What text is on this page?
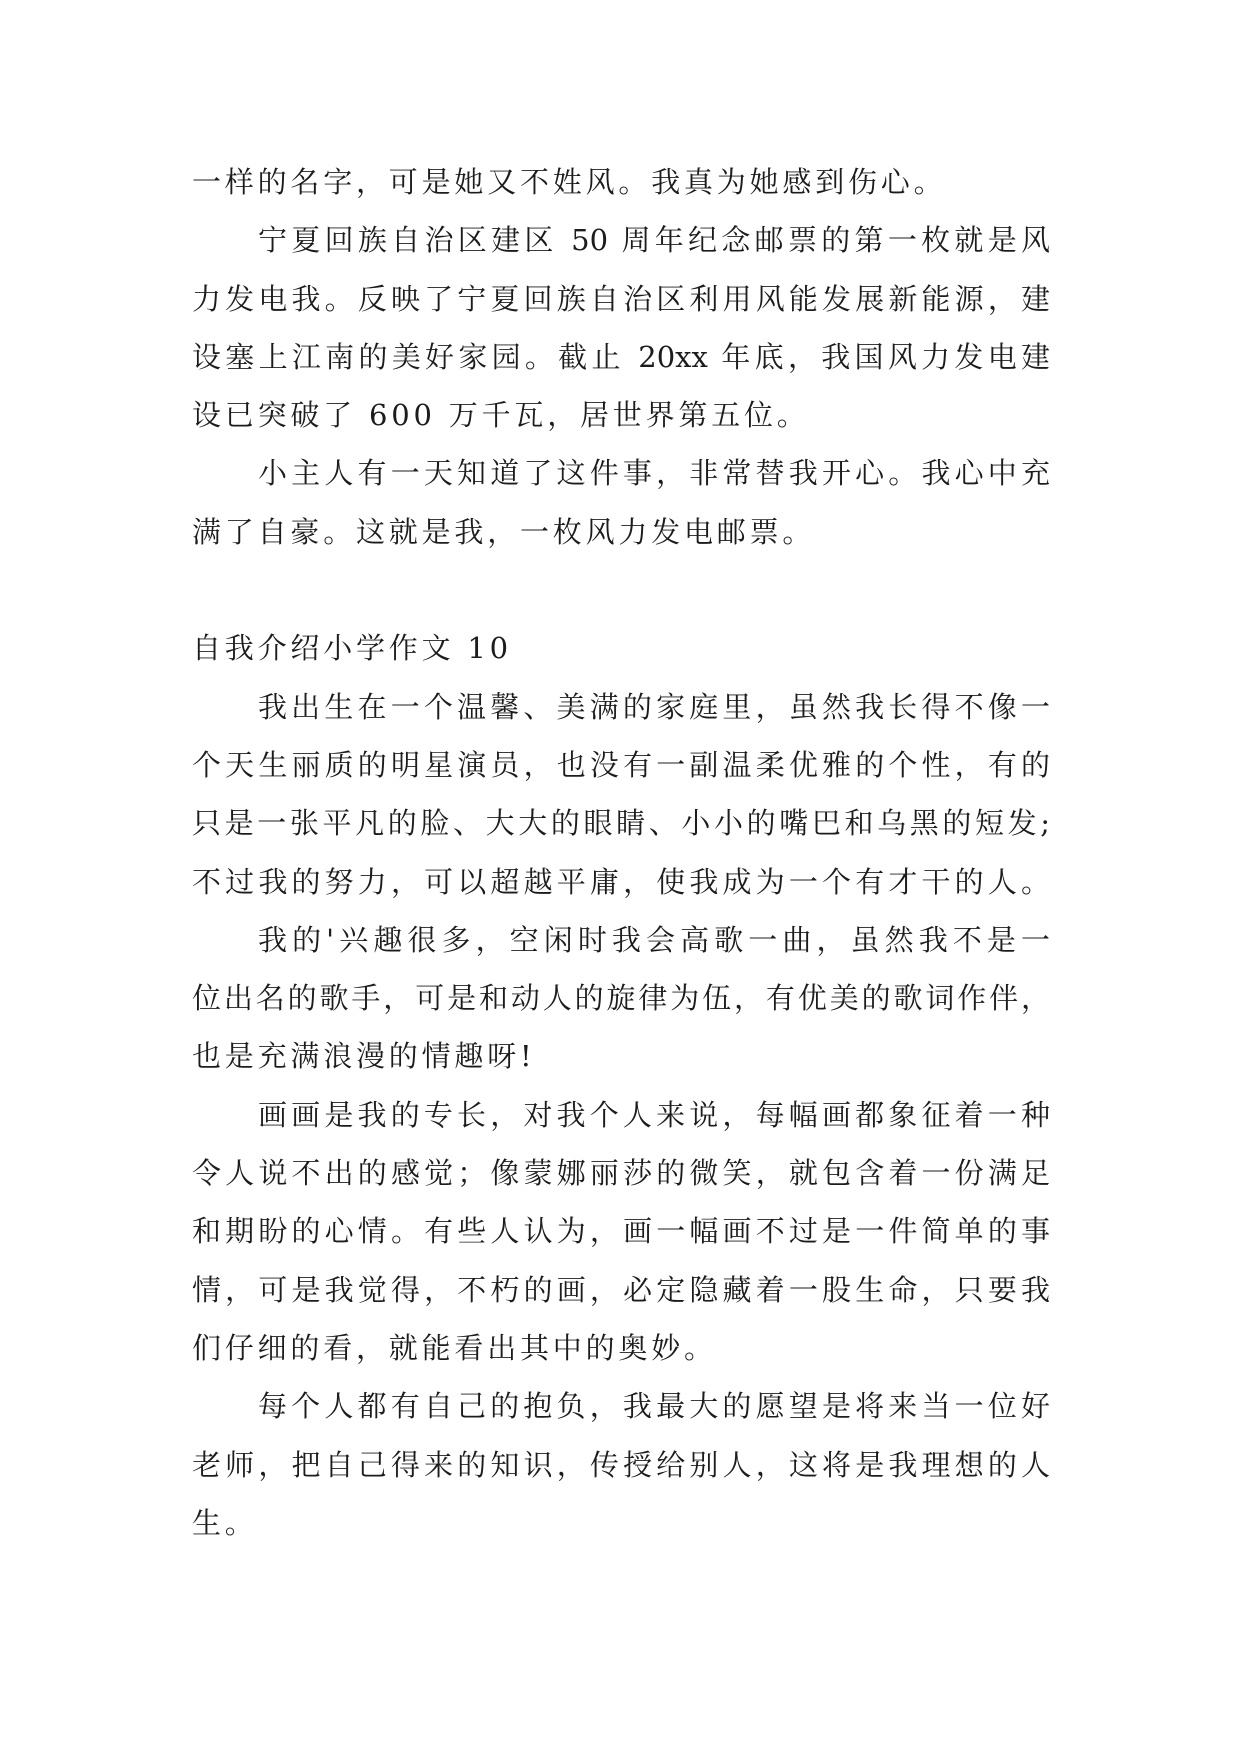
一样的名字，可是她又不姓风。我真为她感到伤心。
宁夏回族自治区建区 50 周年纪念邮票的第一枚就是风
力发电我。反映了宁夏回族自治区利用风能发展新能源，建
设塞上江南的美好家园。截止 20xx 年底，我国风力发电建
设已突破了 600 万千瓦，居世界第五位。
小主人有一天知道了这件事，非常替我开心。我心中充
满了自豪。这就是我，一枚风力发电邮票。
自我介绍小学作文 10
我出生在一个温馨、美满的家庭里，虽然我长得不像一
个天生丽质的明星演员，也没有一副温柔优雅的个性，有的
只是一张平凡的脸、大大的眼睛、小小的嘴巴和乌黑的短发;
不过我的努力，可以超越平庸，使我成为一个有才干的人。
我的'兴趣很多，空闲时我会高歌一曲，虽然我不是一
位出名的歌手，可是和动人的旋律为伍，有优美的歌词作伴，
也是充满浪漫的情趣呀!
画画是我的专长，对我个人来说，每幅画都象征着一种
令人说不出的感觉；像蒙娜丽莎的微笑，就包含着一份满足
和期盼的心情。有些人认为，画一幅画不过是一件简单的事
情，可是我觉得，不朽的画，必定隐藏着一股生命，只要我
们仔细的看，就能看出其中的奥妙。
每个人都有自己的抱负，我最大的愿望是将来当一位好
老师，把自己得来的知识，传授给别人，这将是我理想的人
生。
